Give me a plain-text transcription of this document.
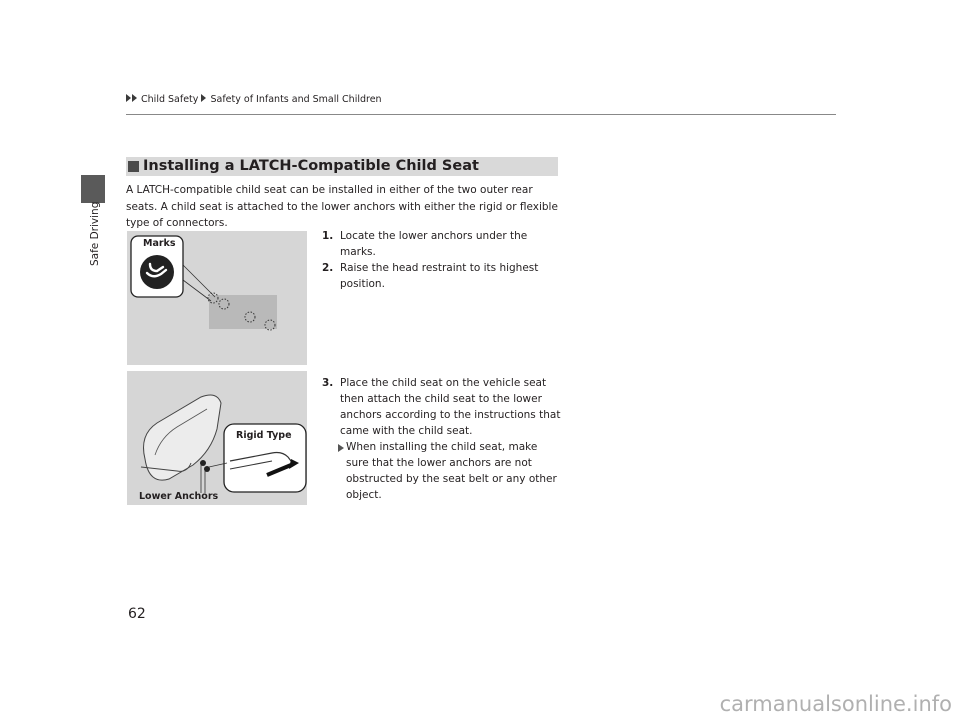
Safe Driving
Child Safety Safety of Infants and Small Children
Installing a LATCH-Compatible Child Seat
A LATCH-compatible child seat can be installed in either of the two outer rear seats. A child seat is attached to the lower anchors with either the rigid or flexible type of connectors.
Marks
Rigid Type
Lower Anchors
1. Locate the lower anchors under the marks.
2. Raise the head restraint to its highest position.
3. Place the child seat on the vehicle seat then attach the child seat to the lower anchors according to the instructions that came with the child seat.
When installing the child seat, make sure that the lower anchors are not obstructed by the seat belt or any other object.
62
carmanualsonline.info
